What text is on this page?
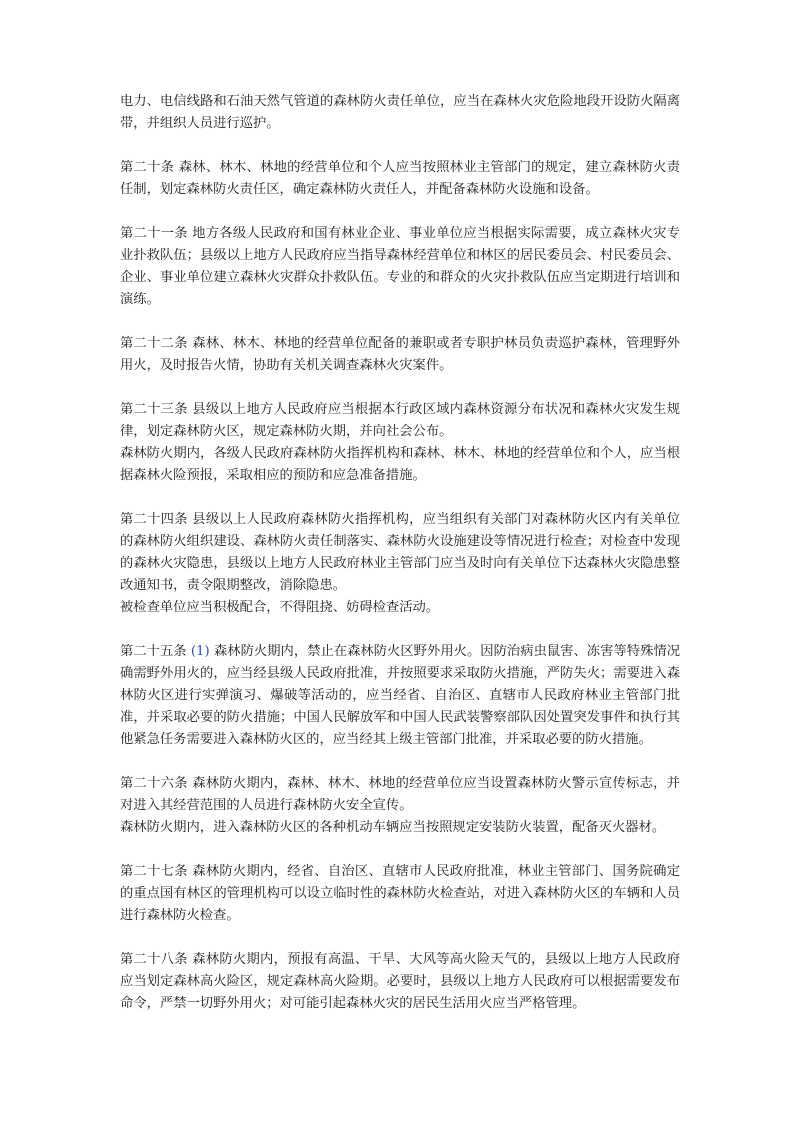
电力、电信线路和石油天然气管道的森林防火责任单位，应当在森林火灾危险地段开设防火隔离带，并组织人员进行巡护。

第二十条 森林、林木、林地的经营单位和个人应当按照林业主管部门的规定，建立森林防火责任制，划定森林防火责任区，确定森林防火责任人，并配备森林防火设施和设备。

第二十一条 地方各级人民政府和国有林业企业、事业单位应当根据实际需要，成立森林火灾专业扑救队伍；县级以上地方人民政府应当指导森林经营单位和林区的居民委员会、村民委员会、企业、事业单位建立森林火灾群众扑救队伍。专业的和群众的火灾扑救队伍应当定期进行培训和演练。

第二十二条 森林、林木、林地的经营单位配备的兼职或者专职护林员负责巡护森林，管理野外用火，及时报告火情，协助有关机关调查森林火灾案件。

第二十三条 县级以上地方人民政府应当根据本行政区域内森林资源分布状况和森林火灾发生规律，划定森林防火区，规定森林防火期，并向社会公布。

森林防火期内，各级人民政府森林防火指挥机构和森林、林木、林地的经营单位和个人，应当根据森林火险预报，采取相应的预防和应急准备措施。

第二十四条 县级以上人民政府森林防火指挥机构，应当组织有关部门对森林防火区内有关单位的森林防火组织建设、森林防火责任制落实、森林防火设施建设等情况进行检查；对检查中发现的森林火灾隐患，县级以上地方人民政府林业主管部门应当及时向有关单位下达森林火灾隐患整改通知书，责令限期整改，消除隐患。

被检查单位应当积极配合，不得阻挠、妨碍检查活动。

第二十五条 (1) 森林防火期内，禁止在森林防火区野外用火。因防治病虫鼠害、冻害等特殊情况确需野外用火的，应当经县级人民政府批准，并按照要求采取防火措施，严防失火；需要进入森林防火区进行实弹演习、爆破等活动的，应当经省、自治区、直辖市人民政府林业主管部门批准，并采取必要的防火措施；中国人民解放军和中国人民武装警察部队因处置突发事件和执行其他紧急任务需要进入森林防火区的，应当经其上级主管部门批准，并采取必要的防火措施。

第二十六条 森林防火期内，森林、林木、林地的经营单位应当设置森林防火警示宣传标志，并对进入其经营范围的人员进行森林防火安全宣传。

森林防火期内，进入森林防火区的各种机动车辆应当按照规定安装防火装置，配备灭火器材。

第二十七条 森林防火期内，经省、自治区、直辖市人民政府批准，林业主管部门、国务院确定的重点国有林区的管理机构可以设立临时性的森林防火检查站，对进入森林防火区的车辆和人员进行森林防火检查。

第二十八条 森林防火期内，预报有高温、干旱、大风等高火险天气的，县级以上地方人民政府应当划定森林高火险区，规定森林高火险期。必要时，县级以上地方人民政府可以根据需要发布命令，严禁一切野外用火；对可能引起森林火灾的居民生活用火应当严格管理。
